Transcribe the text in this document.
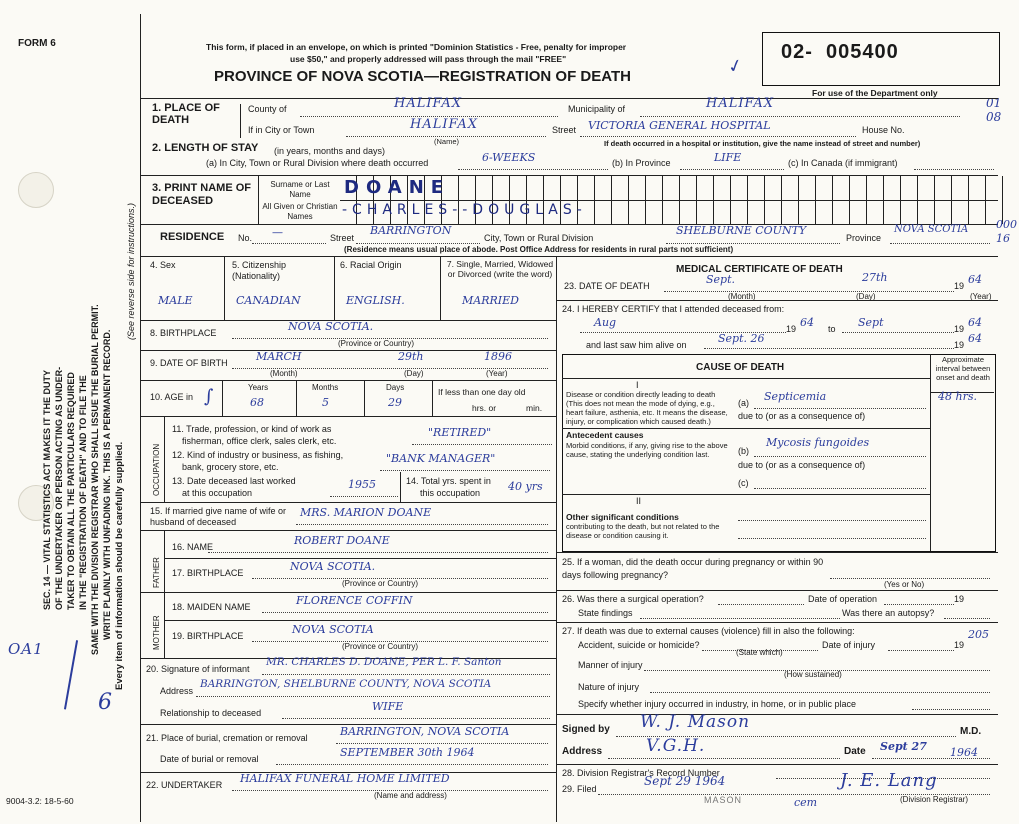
FORM 6
SEC. 14 — VITAL STATISTICS ACT MAKES IT THE DUTY OF THE UNDERTAKER OR PERSON ACTING AS UNDER- TAKER TO OBTAIN ALL THE PARTICULARS REQUIRED IN THE "REGISTRATION OF DEATH" AND TO FILE THE SAME WITH THE DIVISION REGISTRAR WHO SHALL ISSUE THE BURIAL PERMIT. WRITE PLAINLY WITH UNFADING INK. THIS IS A PERMANENT RECORD. Every item of information should be carefully supplied.
(See reverse side for instructions.)
OA1
6
9004-3.2: 18-5-60
This form, if placed in an envelope, on which is printed "Dominion Statistics - Free, penalty for improper
use $50," and properly addressed will pass through the mail "FREE"
PROVINCE OF NOVA SCOTIA—REGISTRATION OF DEATH	✓
02-  005400
For use of the Department only
01 08
1. PLACE OF DEATH
County of	HALIFAX	Municipality of	HALIFAX
If in City or Town	HALIFAX
(Name)
Street VICTORIA GENERAL HOSPITAL	House No.
If death occurred in a hospital or institution, give the name instead of street and number)
2. LENGTH OF STAY (in years, months and days)
(a) In City, Town or Rural Division where death occurred	6-WEEKS	(b) In Province	LIFE	(c) In Canada (if immigrant)
3. PRINT NAME OF DECEASED
Surname or Last Name
All Given or Christian Names
DOANE
-CHARLES--DOUGLAS-
RESIDENCE No. —	Street
BARRINGTON
City, Town or Rural Division
SHELBURNE COUNTY
Province
NOVA SCOTIA
(Residence means usual place of abode. Post Office Address for residents in rural parts not sufficient)
000 16
4. Sex	5. Citizenship (Nationality)
6. Racial Origin	7. Single, Married, Widowed or Divorced (write the word)
MALE	CANADIAN	ENGLISH.	MARRIED
8. BIRTHPLACE	NOVA SCOTIA.
(Province or Country)
9. DATE OF BIRTH	MARCH	29th	1896
(Month)	(Day)	(Year)
10. AGE in
Years	Months	Days
68	5	29
If less than one day old
hrs. or	min.
∫
OCCUPATION
11. Trade, profession, or kind of work as
fisherman, office clerk, sales clerk, etc.
"RETIRED"
12. Kind of industry or business, as fishing,
bank, grocery store, etc.
"BANK MANAGER"
13. Date deceased last worked
at this occupation
1955	14. Total yrs. spent in
this occupation	40 yrs
15. If married give name of wife or husband of deceased
MRS. MARION DOANE
FATHER
16. NAME	ROBERT DOANE
17. BIRTHPLACE	NOVA SCOTIA.
(Province or Country)
MOTHER
18. MAIDEN NAME	FLORENCE COFFIN
19. BIRTHPLACE	NOVA SCOTIA
(Province or Country)
20. Signature of informant
MR. CHARLES D. DOANE, PER L. F. Santon
Address
BARRINGTON, SHELBURNE COUNTY, NOVA SCOTIA
Relationship to deceased	WIFE
21. Place of burial, cremation or removal	BARRINGTON, NOVA SCOTIA
Date of burial or removal	SEPTEMBER 30th 1964
22. UNDERTAKER HALIFAX FUNERAL HOME LIMITED
(Name and address)
MEDICAL CERTIFICATE OF DEATH
23. DATE OF DEATH	Sept.	27th
19 64
(Month)	(Day)	(Year)
24. I HEREBY CERTIFY that I attended deceased from:
Aug	19 64 to Sept	19 64
and last saw him alive on	Sept. 26	19 64
CAUSE OF DEATH
Approximate interval between onset and death
I
Disease or condition directly leading to death (This does not mean the mode of dying, e.g., heart failure, asthenia, etc. It means the disease, injury, or complication which caused death.)
(a) Septicemia	48 hrs.
due to (or as a consequence of)
Antecedent causes
Morbid conditions, if any, giving rise to the above cause, stating the underlying condition last.	(b)
Mycosis fungoides
due to (or as a consequence of)
(c)
II
Other significant conditions
contributing to the death, but not related to the disease or condition causing it.
25. If a woman, did the death occur during pregnancy or within 90 days following pregnancy?
(Yes or No)
26. Was there a surgical operation?	Date of operation	19
State findings	Was there an autopsy?
27. If death was due to external causes (violence) fill in also the following:
Accident, suicide or homicide?
(State which)
Date of injury	19
205
Manner of injury
(How sustained)
Nature of injury
Specify whether injury occurred in industry, in home, or in public place
Signed by W. J. Mason	M.D.
Address	V.G.H.	Date Sept 27 1964
28. Division Registrar's Record Number
29. Filed
Sept 29 1964	J. E. Lang
(Division Registrar)
MASON	cem
